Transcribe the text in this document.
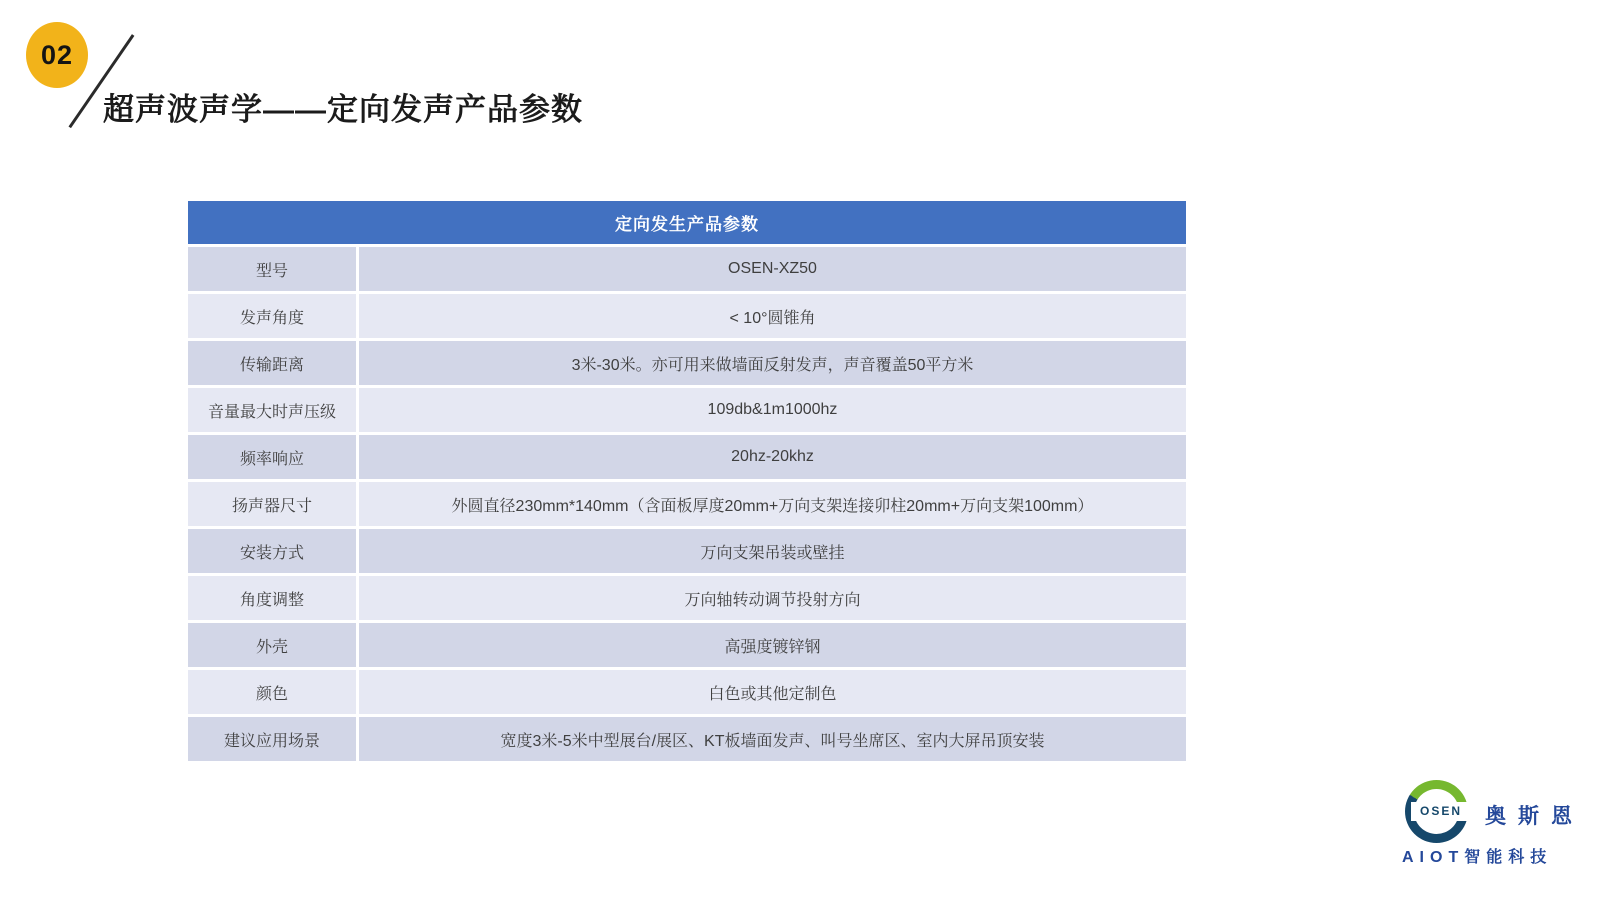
02
超声波声学——定向发声产品参数
定向发生产品参数	
型号	OSEN-XZ50
发声角度	< 10°圆锥角
传输距离	3米-30米。亦可用来做墙面反射发声，声音覆盖50平方米
音量最大时声压级	109db&1m1000hz
频率响应	20hz-20khz
扬声器尺寸	外圆直径230mm*140mm（含面板厚度20mm+万向支架连接卯柱20mm+万向支架100mm）
安装方式	万向支架吊装或壁挂
角度调整	万向轴转动调节投射方向
外壳	高强度镀锌钢
颜色	白色或其他定制色
建议应用场景	宽度3米-5米中型展台/展区、KT板墙面发声、叫号坐席区、室内大屏吊顶安装
OSEN	奥斯恩
AIOT智能科技
